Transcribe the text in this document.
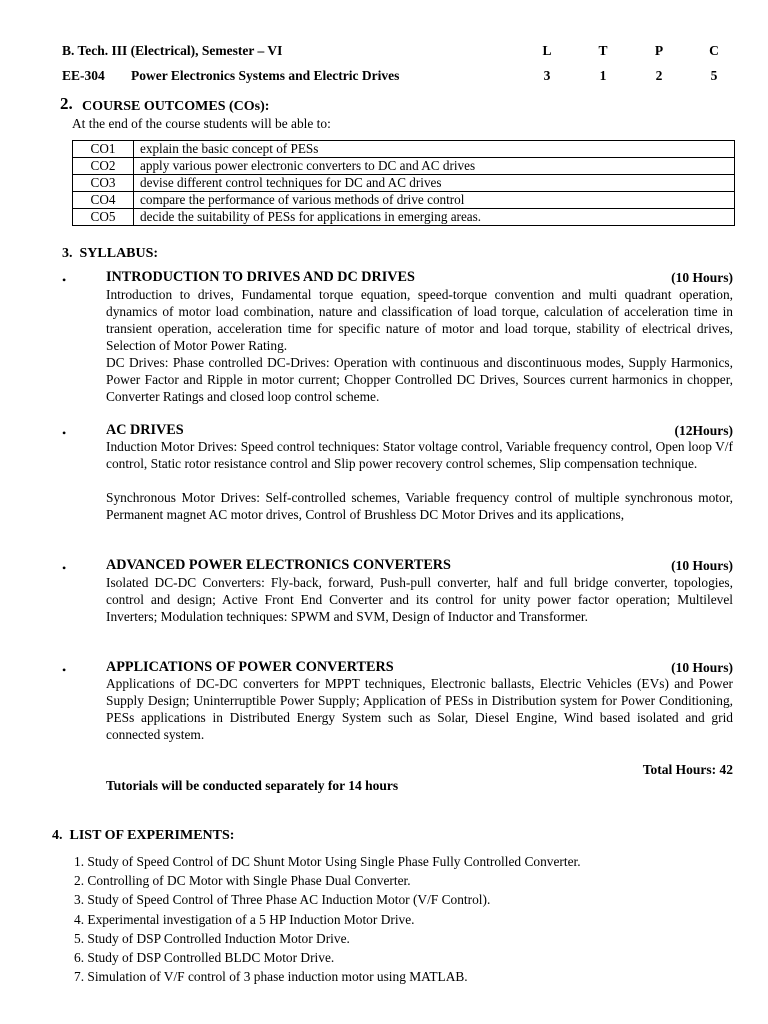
B. Tech. III (Electrical), Semester – VI
EE-304 Power Electronics Systems and Electric Drives
L	T	P	C
3	1	2	5
2. COURSE OUTCOMES (COs):
At the end of the course students will be able to:
CO1	explain the basic concept of PESs
CO2	apply various power electronic converters to DC and AC drives
CO3	devise different control techniques for DC and AC drives
CO4	compare the performance of various methods of drive control
CO5	decide the suitability of PESs for applications in emerging areas.
3.  SYLLABUS:
•	INTRODUCTION TO DRIVES AND DC DRIVES	(10 Hours)

Introduction to drives, Fundamental torque equation, speed-torque convention and multi quadrant operation, dynamics of motor load combination, nature and classification of load torque, calculation of acceleration time in transient operation, acceleration time for specific nature of motor and load torque, stability of electrical drives, Selection of Motor Power Rating.

DC Drives: Phase controlled DC-Drives: Operation with continuous and discontinuous modes, Supply Harmonics, Power Factor and Ripple in motor current; Chopper Controlled DC Drives, Sources current harmonics in chopper, Converter Ratings and closed loop control scheme.

•	AC DRIVES	(12Hours)

Induction Motor Drives: Speed control techniques: Stator voltage control, Variable frequency control, Open loop V/f control, Static rotor resistance control and Slip power recovery control schemes, Slip compensation technique.

Synchronous Motor Drives: Self-controlled schemes, Variable frequency control of multiple synchronous motor, Permanent magnet AC motor drives, Control of Brushless DC Motor Drives and its applications,

•	ADVANCED POWER ELECTRONICS CONVERTERS	(10 Hours)

Isolated DC-DC Converters: Fly-back, forward, Push-pull converter, half and full bridge converter, topologies, control and design; Active Front End Converter and its control for unity power factor operation; Multilevel Inverters; Modulation techniques: SPWM and SVM, Design of Inductor and Transformer.

•	APPLICATIONS OF POWER CONVERTERS	(10 Hours)

Applications of DC-DC converters for MPPT techniques, Electronic ballasts, Electric Vehicles (EVs) and Power Supply Design; Uninterruptible Power Supply; Application of PESs in Distribution system for Power Conditioning, PESs applications in Distributed Energy System such as Solar, Diesel Engine, Wind based isolated and grid connected system.

Total Hours: 42
Tutorials will be conducted separately for 14 hours
4.  LIST OF EXPERIMENTS:
1. Study of Speed Control of DC Shunt Motor Using Single Phase Fully Controlled Converter.
2. Controlling of DC Motor with Single Phase Dual Converter.
3. Study of Speed Control of Three Phase AC Induction Motor (V/F Control).
4. Experimental investigation of a 5 HP Induction Motor Drive.
5. Study of DSP Controlled Induction Motor Drive.
6. Study of DSP Controlled BLDC Motor Drive.
7. Simulation of V/F control of 3 phase induction motor using MATLAB.
